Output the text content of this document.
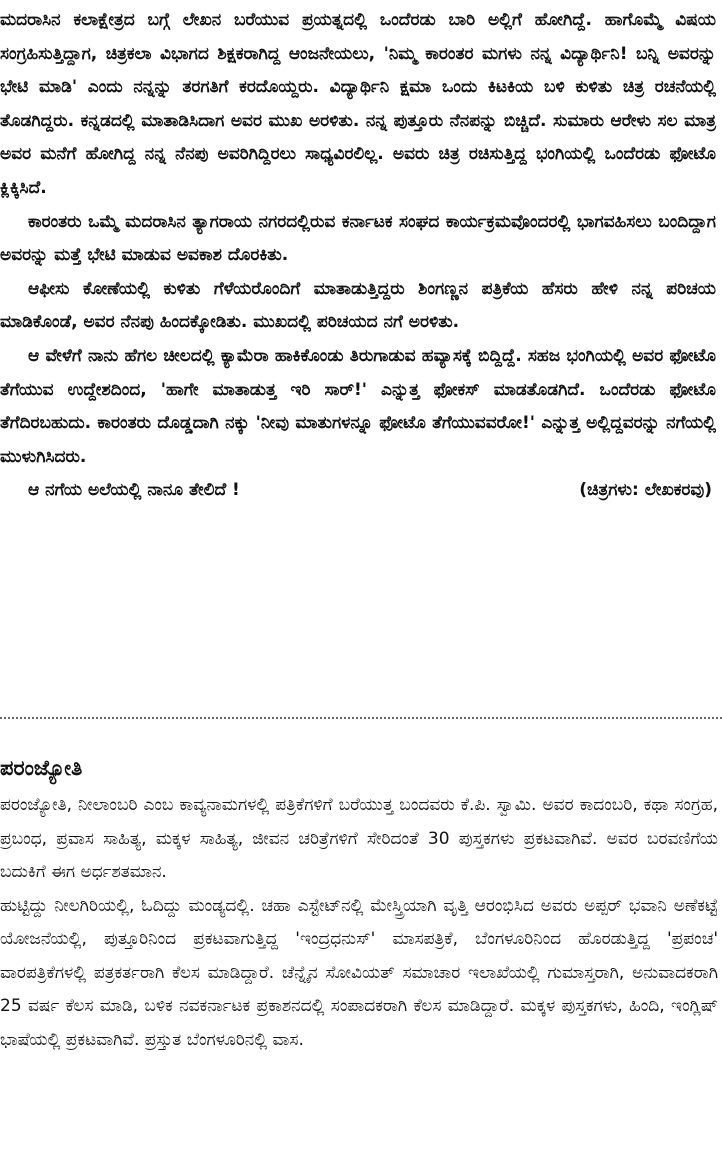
ಮದರಾಸಿನ ಕಲಾಕ್ಷೇತ್ರದ ಬಗ್ಗೆ ಲೇಖನ ಬರೆಯುವ ಪ್ರಯತ್ನದಲ್ಲಿ ಒಂದೆರಡು ಬಾರಿ ಅಲ್ಲಿಗೆ ಹೋಗಿದ್ದೆ. ಹಾಗೊಮ್ಮೆ ವಿಷಯ ಸಂಗ್ರಹಿಸುತ್ತಿದ್ದಾಗ, ಚಿತ್ರಕಲಾ ವಿಭಾಗದ ಶಿಕ್ಷಕರಾಗಿದ್ದ ಆಂಜನೇಯಲು, 'ನಿಮ್ಮ ಕಾರಂತರ ಮಗಳು ನನ್ನ ವಿದ್ಯಾರ್ಥಿನಿ! ಬನ್ನಿ ಅವರನ್ನು ಭೇಟಿ ಮಾಡಿ' ಎಂದು ನನ್ನನ್ನು ತರಗತಿಗೆ ಕರದೊಯ್ದರು. ವಿದ್ಯಾರ್ಥಿನಿ ಕ್ಷಮಾ ಒಂದು ಕಿಟಕಿಯ ಬಳಿ ಕುಳಿತು ಚಿತ್ರ ರಚನೆಯಲ್ಲಿ ತೊಡಗಿದ್ದರು. ಕನ್ನಡದಲ್ಲಿ ಮಾತಾಡಿಸಿದಾಗ ಅವರ ಮುಖ ಅರಳಿತು. ನನ್ನ ಪುತ್ತೂರು ನೆನಪನ್ನು ಬಿಚ್ಚಿದೆ. ಸುಮಾರು ಆರೇಳು ಸಲ ಮಾತ್ರ ಅವರ ಮನೆಗೆ ಹೋಗಿದ್ದ ನನ್ನ ನೆನಪು ಅವರಿಗಿದ್ದಿರಲು ಸಾಧ್ಯವಿರಲಿಲ್ಲ. ಅವರು ಚಿತ್ರ ರಚಿಸುತ್ತಿದ್ದ ಭಂಗಿಯಲ್ಲಿ ಒಂದೆರಡು ಫೋಟೊ ಕ್ಲಿಕ್ಕಿಸಿದೆ.

ಕಾರಂತರು ಒಮ್ಮೆ ಮದರಾಸಿನ ತ್ಯಾಗರಾಯ ನಗರದಲ್ಲಿರುವ ಕರ್ನಾಟಕ ಸಂಘದ ಕಾರ್ಯಕ್ರಮವೊಂದರಲ್ಲಿ ಭಾಗವಹಿಸಲು ಬಂದಿದ್ದಾಗ ಅವರನ್ನು ಮತ್ತೆ ಭೇಟಿ ಮಾಡುವ ಅವಕಾಶ ದೊರಕಿತು.

ಆಫೀಸು ಕೋಣೆಯಲ್ಲಿ ಕುಳಿತು ಗೆಳೆಯರೊಂದಿಗೆ ಮಾತಾಡುತ್ತಿದ್ದರು ಶಿಂಗಣ್ಣನ ಪತ್ರಿಕೆಯ ಹೆಸರು ಹೇಳಿ ನನ್ನ ಪರಿಚಯ ಮಾಡಿಕೊಂಡೆ, ಅವರ ನೆನಪು ಹಿಂದಕ್ಕೋಡಿತು. ಮುಖದಲ್ಲಿ ಪರಿಚಯದ ನಗೆ ಅರಳಿತು.

ಆ ವೇಳೆಗೆ ನಾನು ಹೆಗಲ ಚೀಲದಲ್ಲಿ ಕ್ಯಾಮೆರಾ ಹಾಕಿಕೊಂಡು ತಿರುಗಾಡುವ ಹವ್ಯಾಸಕ್ಕೆ ಬಿದ್ದಿದ್ದೆ. ಸಹಜ ಭಂಗಿಯಲ್ಲಿ ಅವರ ಫೋಟೊ ತೆಗೆಯುವ ಉದ್ದೇಶದಿಂದ, 'ಹಾಗೇ ಮಾತಾಡುತ್ತ ಇರಿ ಸಾರ್!' ಎನ್ನುತ್ತ ಫೋಕಸ್ ಮಾಡತೊಡಗಿದೆ. ಒಂದೆರಡು ಫೋಟೊ ತೆಗೆದಿರಬಹುದು. ಕಾರಂತರು ದೊಡ್ಡದಾಗಿ ನಕ್ಕು 'ನೀವು ಮಾತುಗಳನ್ನೂ ಫೋಟೊ ತೆಗೆಯುವವರೋ!' ಎನ್ನುತ್ತ ಅಲ್ಲಿದ್ದವರನ್ನು ನಗೆಯಲ್ಲಿ ಮುಳುಗಿಸಿದರು.

ಆ ನಗೆಯ ಅಲೆಯಲ್ಲಿ ನಾನೂ ತೇಲಿದೆ !	(ಚಿತ್ರಗಳು: ಲೇಖಕರವು)
ಪರಂಜ್ಯೋತಿ

ಪರಂಜ್ಯೋತಿ, ನೀಲಾಂಬರಿ ಎಂಬ ಕಾವ್ಯನಾಮಗಳಲ್ಲಿ ಪತ್ರಿಕೆಗಳಿಗೆ ಬರೆಯುತ್ತ ಬಂದವರು ಕೆ.ಪಿ. ಸ್ವಾಮಿ. ಅವರ ಕಾದಂಬರಿ, ಕಥಾ ಸಂಗ್ರಹ, ಪ್ರಬಂಧ, ಪ್ರವಾಸ ಸಾಹಿತ್ಯ, ಮಕ್ಕಳ ಸಾಹಿತ್ಯ, ಜೀವನ ಚರಿತ್ರೆಗಳಿಗೆ ಸೇರಿದಂತೆ 30 ಪುಸ್ತಕಗಳು ಪ್ರಕಟವಾಗಿವೆ. ಅವರ ಬರವಣಿಗೆಯ ಬದುಕಿಗೆ ಈಗ ಅರ್ಧಶತಮಾನ.

ಹುಟ್ಟಿದ್ದು ನೀಲಗಿರಿಯಲ್ಲಿ, ಓದಿದ್ದು ಮಂಡ್ಯದಲ್ಲಿ. ಚಹಾ ಎಸ್ಟೇಟ್‌ನಲ್ಲಿ ಮೇಸ್ತ್ರಿಯಾಗಿ ವೃತ್ತಿ ಆರಂಭಿಸಿದ ಅವರು ಅಪ್ಪರ್ ಭವಾನಿ ಅಣೆಕಟ್ಟೆ ಯೋಜನೆಯಲ್ಲಿ, ಪುತ್ತೂರಿನಿಂದ ಪ್ರಕಟವಾಗುತ್ತಿದ್ದ 'ಇಂದ್ರಧನುಸ್' ಮಾಸಪತ್ರಿಕೆ, ಬೆಂಗಳೂರಿನಿಂದ ಹೊರಡುತ್ತಿದ್ದ 'ಪ್ರಪಂಚ' ವಾರಪತ್ರಿಕೆಗಳಲ್ಲಿ ಪತ್ರಕರ್ತರಾಗಿ ಕೆಲಸ ಮಾಡಿದ್ದಾರೆ. ಚೆನ್ನೈನ ಸೋವಿಯತ್ ಸಮಾಚಾರ ಇಲಾಖೆಯಲ್ಲಿ ಗುಮಾಸ್ತರಾಗಿ, ಅನುವಾದಕರಾಗಿ 25 ವರ್ಷ ಕೆಲಸ ಮಾಡಿ, ಬಳಿಕ ನವಕರ್ನಾಟಕ ಪ್ರಕಾಶನದಲ್ಲಿ ಸಂಪಾದಕರಾಗಿ ಕೆಲಸ ಮಾಡಿದ್ದಾರೆ. ಮಕ್ಕಳ ಪುಸ್ತಕಗಳು, ಹಿಂದಿ, ಇಂಗ್ಲಿಷ್ ಭಾಷೆಯಲ್ಲಿ ಪ್ರಕಟವಾಗಿವೆ. ಪ್ರಸ್ತುತ ಬೆಂಗಳೂರಿನಲ್ಲಿ ವಾಸ.
